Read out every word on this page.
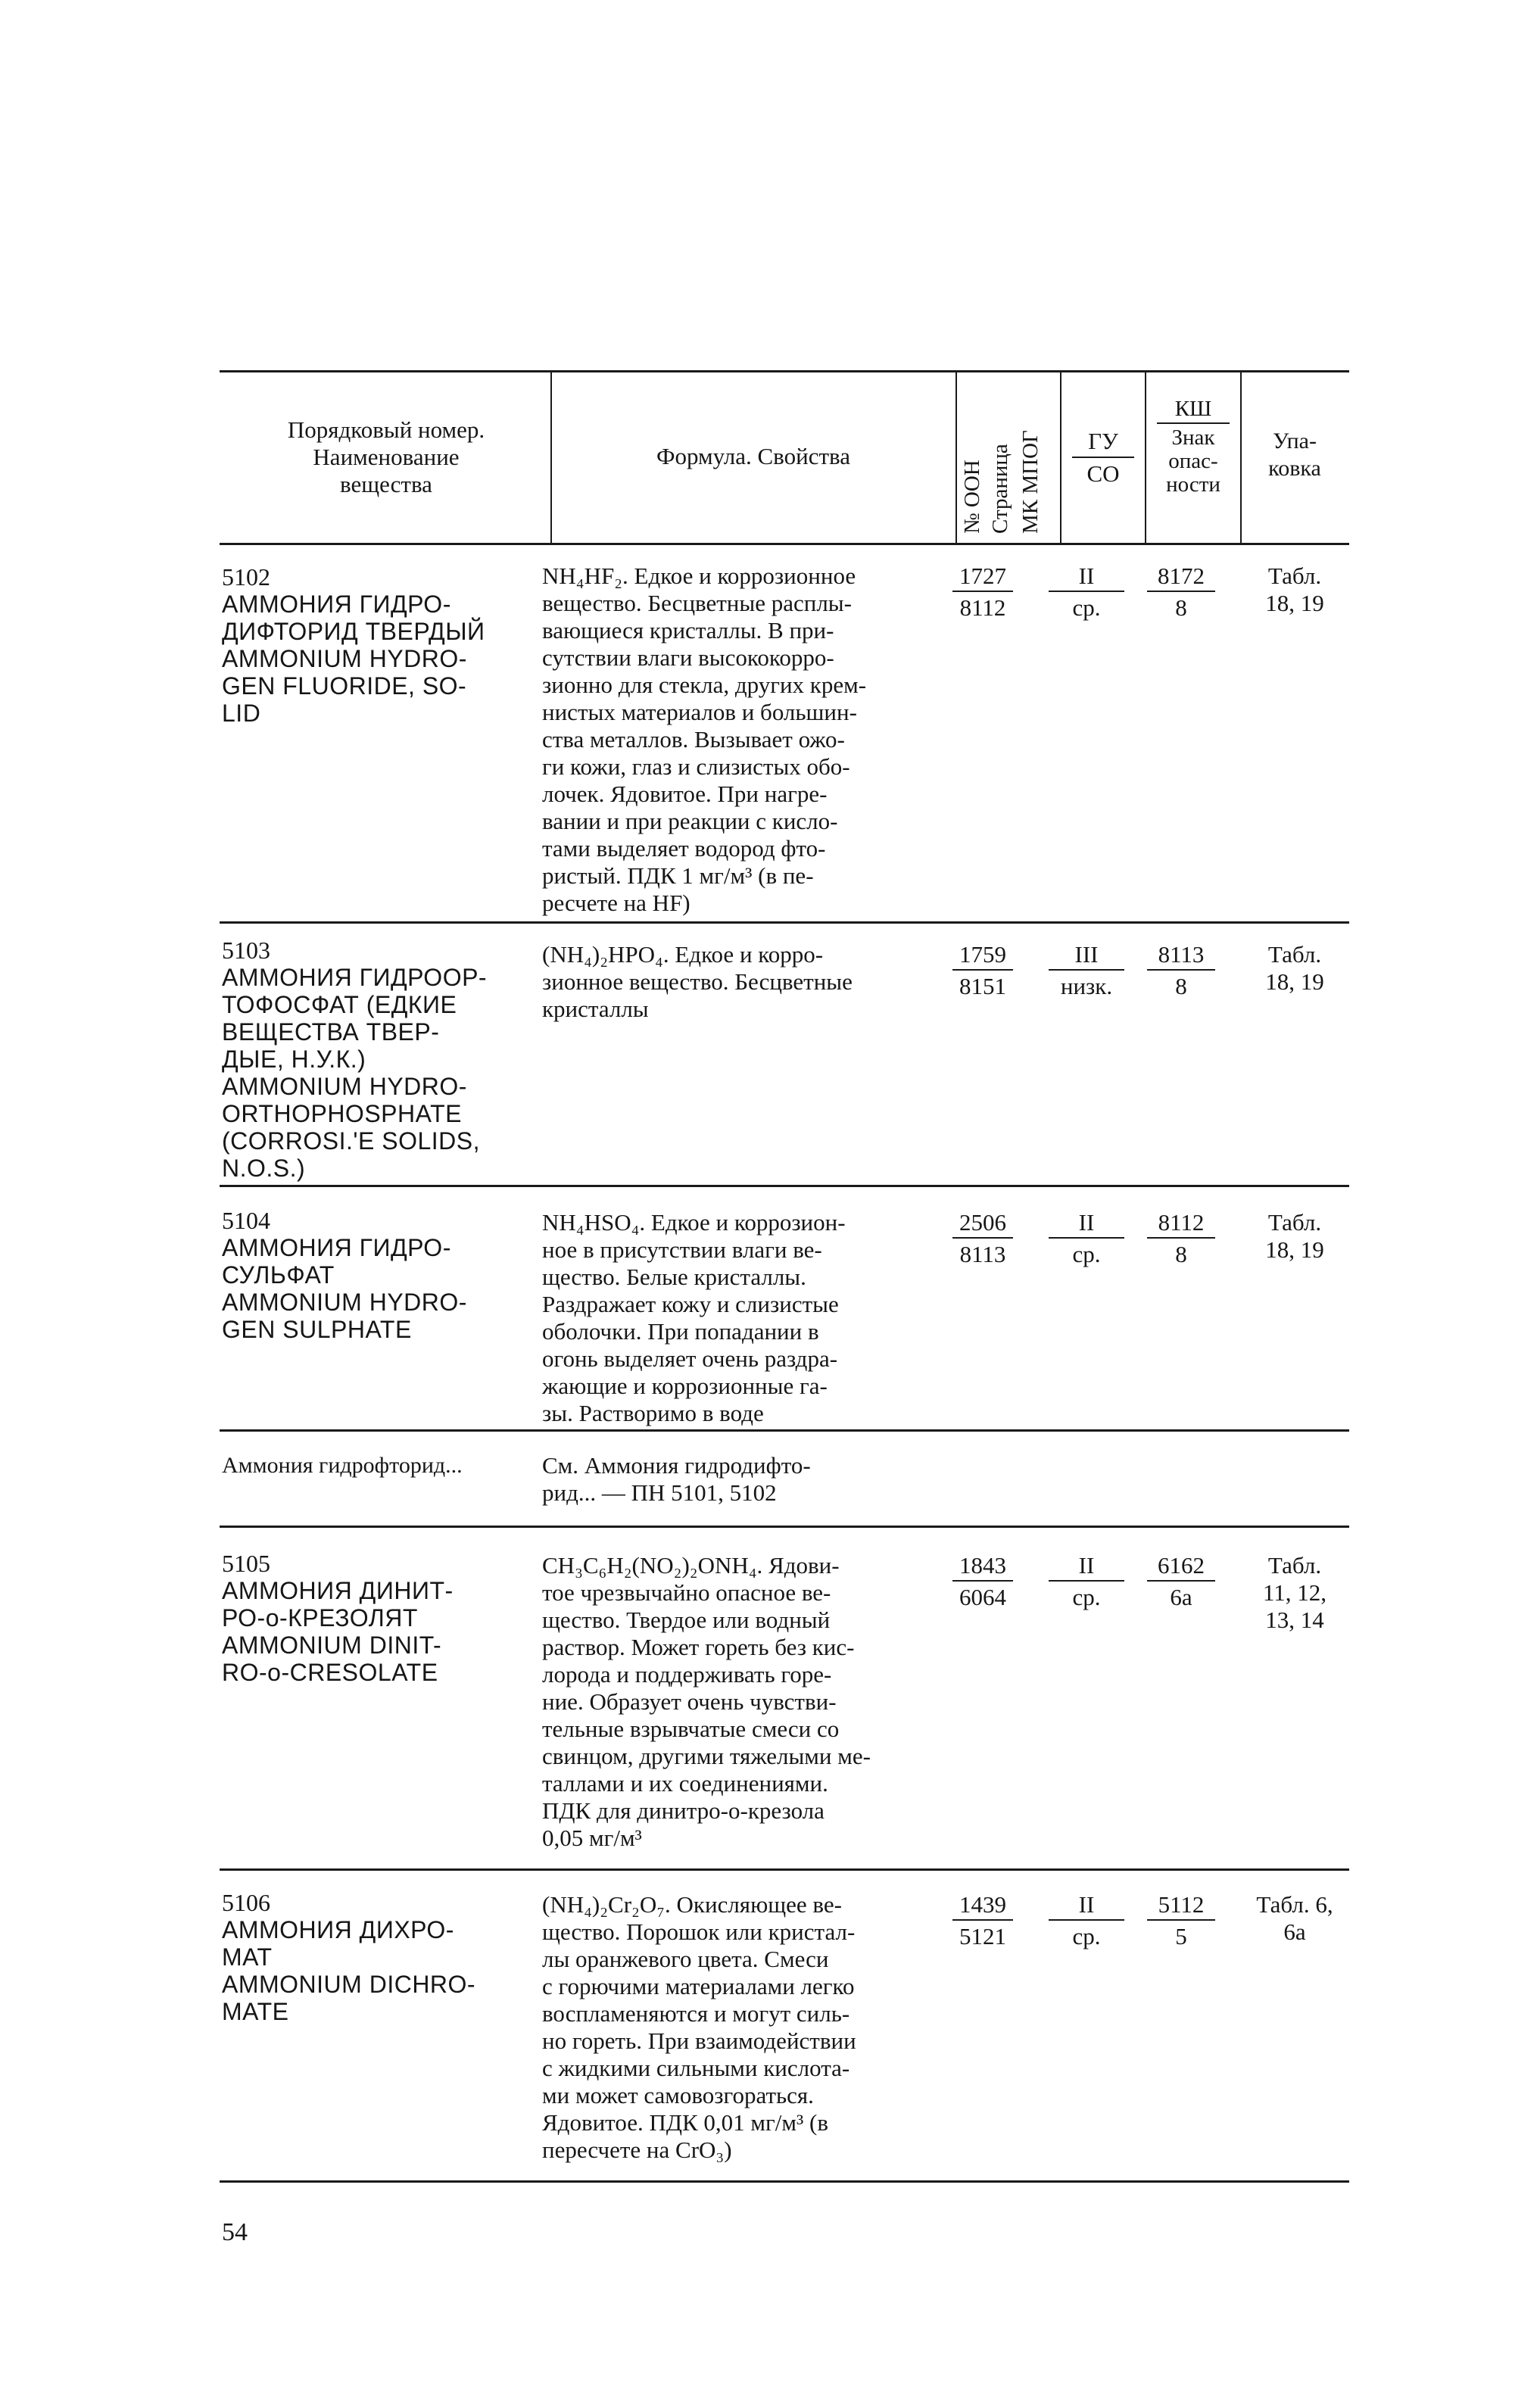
Порядковый номер.
Наименование
вещества
Формула. Свойства
№ ООН Страница МК МПОГ	ГУ
СО
КШ
Знак
опас-
ности
Упа-
ковка
5102
АММОНИЯ ГИДРО-
ДИФТОРИД ТВЕРДЫЙ
AMMONIUM HYDRO-
GEN FLUORIDE, SO-
LID
NH₄HF₂. Едкое и коррозионное
вещество. Бесцветные расплы-
вающиеся кристаллы. В при-
сутствии влаги высококорро-
зионно для стекла, других крем-
нистых материалов и большин-
ства металлов. Вызывает ожо-
ги кожи, глаз и слизистых обо-
лочек. Ядовитое. При нагре-
вании и при реакции с кисло-
тами выделяет водород фто-
ристый. ПДК 1 мг/м³ (в пе-
ресчете на HF)
1727
8112
II
ср.
8172
8
Табл.
18, 19
5103
АММОНИЯ ГИДРООР-
ТОФОСФАТ (ЕДКИЕ
ВЕЩЕСТВА ТВЕР-
ДЫЕ, Н.У.К.)
AMMONIUM HYDRO-
ORTHOPHOSPHATE
(CORROSI.'E SOLIDS,
N.O.S.)
(NH₄)₂HPO₄. Едкое и корро-
зионное вещество. Бесцветные
кристаллы
1759
8151
III
низк.
8113
8
Табл.
18, 19
5104
АММОНИЯ ГИДРО-
СУЛЬФАТ
AMMONIUM HYDRO-
GEN SULPHATE
NH₄HSO₄. Едкое и коррозион-
ное в присутствии влаги ве-
щество. Белые кристаллы.
Раздражает кожу и слизистые
оболочки. При попадании в
огонь выделяет очень раздра-
жающие и коррозионные га-
зы. Растворимо в воде
2506
8113
II
ср.
8112
8
Табл.
18, 19
Аммония гидрофторид...	См. Аммония гидродифто-
рид... — ПН 5101, 5102
5105
АММОНИЯ ДИНИТ-
РО-о-КРЕЗОЛЯТ
AMMONIUM DINIT-
RO-o-CRESOLATE
CH₃C₆H₂(NO₂)₂ONH₄. Ядови-
тое чрезвычайно опасное ве-
щество. Твердое или водный
раствор. Может гореть без кис-
лорода и поддерживать горе-
ние. Образует очень чувстви-
тельные взрывчатые смеси со
свинцом, другими тяжелыми ме-
таллами и их соединениями.
ПДК для динитро-о-крезола
0,05 мг/м³
1843
6064
II
ср.
6162
6а
Табл.
11, 12,
13, 14
5106
АММОНИЯ ДИХРО-
МАТ
AMMONIUM DICHRO-
MATE
(NH₄)₂Cr₂O₇. Окисляющее ве-
щество. Порошок или кристал-
лы оранжевого цвета. Смеси
с горючими материалами легко
воспламеняются и могут силь-
но гореть. При взаимодействии
с жидкими сильными кислота-
ми может самовозгораться.
Ядовитое. ПДК 0,01 мг/м³ (в
пересчете на CrO₃)
1439
5121
II
ср.
5112
5
Табл. 6,
6а
54
